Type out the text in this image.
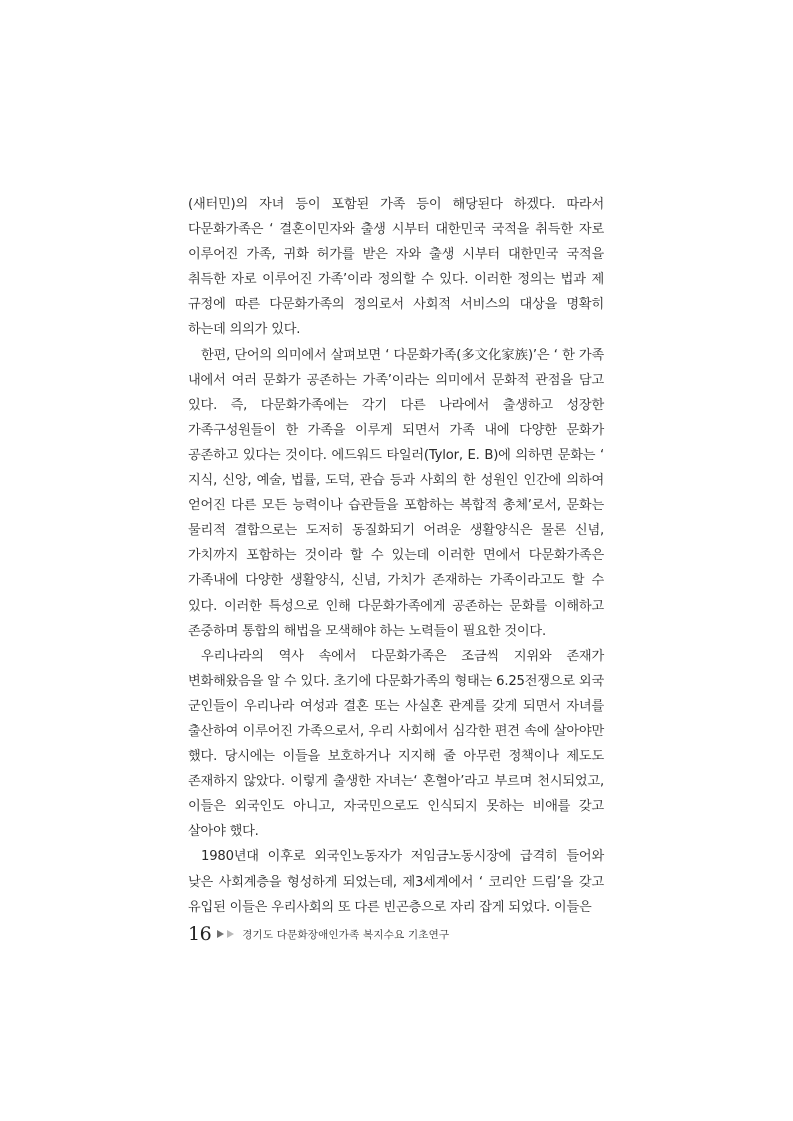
(새터민)의 자녀 등이 포함된 가족 등이 해당된다 하겠다. 따라서 다문화가족은 ‘ 결혼이민자와 출생 시부터 대한민국 국적을 취득한 자로 이루어진 가족, 귀화 허가를 받은 자와 출생 시부터 대한민국 국적을 취득한 자로 이루어진 가족’이라 정의할 수 있다. 이러한 정의는 법과 제 규정에 따른 다문화가족의 정의로서 사회적 서비스의 대상을 명확히 하는데 의의가 있다.

한편, 단어의 의미에서 살펴보면 ‘ 다문화가족(多文化家族)’은 ‘ 한 가족 내에서 여러 문화가 공존하는 가족’이라는 의미에서 문화적 관점을 담고 있다. 즉, 다문화가족에는 각기 다른 나라에서 출생하고 성장한 가족구성원들이 한 가족을 이루게 되면서 가족 내에 다양한 문화가 공존하고 있다는 것이다. 에드워드 타일러(Tylor, E. B)에 의하면 문화는 ‘ 지식, 신앙, 예술, 법률, 도덕, 관습 등과 사회의 한 성원인 인간에 의하여 얻어진 다른 모든 능력이나 습관들을 포함하는 복합적 총체’로서, 문화는 물리적 결합으로는 도저히 동질화되기 어려운 생활양식은 물론 신념, 가치까지 포함하는 것이라 할 수 있는데 이러한 면에서 다문화가족은 가족내에 다양한 생활양식, 신념, 가치가 존재하는 가족이라고도 할 수 있다. 이러한 특성으로 인해 다문화가족에게 공존하는 문화를 이해하고 존중하며 통합의 해법을 모색해야 하는 노력들이 필요한 것이다.

우리나라의 역사 속에서 다문화가족은 조금씩 지위와 존재가 변화해왔음을 알 수 있다. 초기에 다문화가족의 형태는 6.25전쟁으로 외국 군인들이 우리나라 여성과 결혼 또는 사실혼 관계를 갖게 되면서 자녀를 출산하여 이루어진 가족으로서, 우리 사회에서 심각한 편견 속에 살아야만 했다. 당시에는 이들을 보호하거나 지지해 줄 아무런 정책이나 제도도 존재하지 않았다. 이렇게 출생한 자녀는‘ 혼혈아’라고 부르며 천시되었고, 이들은 외국인도 아니고, 자국민으로도 인식되지 못하는 비애를 갖고 살아야 했다.

1980년대 이후로 외국인노동자가 저임금노동시장에 급격히 들어와 낮은 사회계층을 형성하게 되었는데, 제3세계에서 ‘ 코리안 드림’을 갖고 유입된 이들은 우리사회의 또 다른 빈곤층으로 자리 잡게 되었다. 이들은

16	경기도 다문화장애인가족 복지수요 기초연구
